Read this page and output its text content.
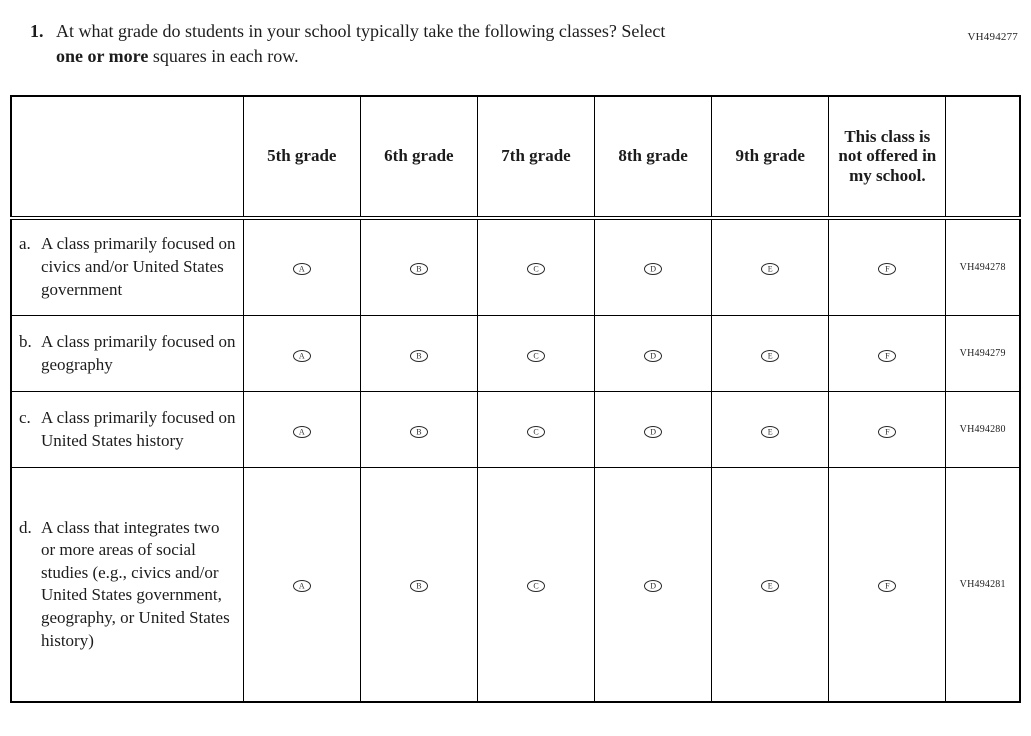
VH494277
1. At what grade do students in your school typically take the following classes? Select
one or more squares in each row.
	5th grade	6th grade	7th grade	8th grade	9th grade	This class is not offered in my school.	

a. A class primarily focused on civics and/or United States government	A	B	C	D	E	F	VH494278

b. A class primarily focused on geography	A	B	C	D	E	F	VH494279

c. A class primarily focused on United States history	A	B	C	D	E	F	VH494280

d. A class that integrates two or more areas of social studies (e.g., civics and/or United States government, geography, or United States history)	A	B	C	D	E	F	VH494281
